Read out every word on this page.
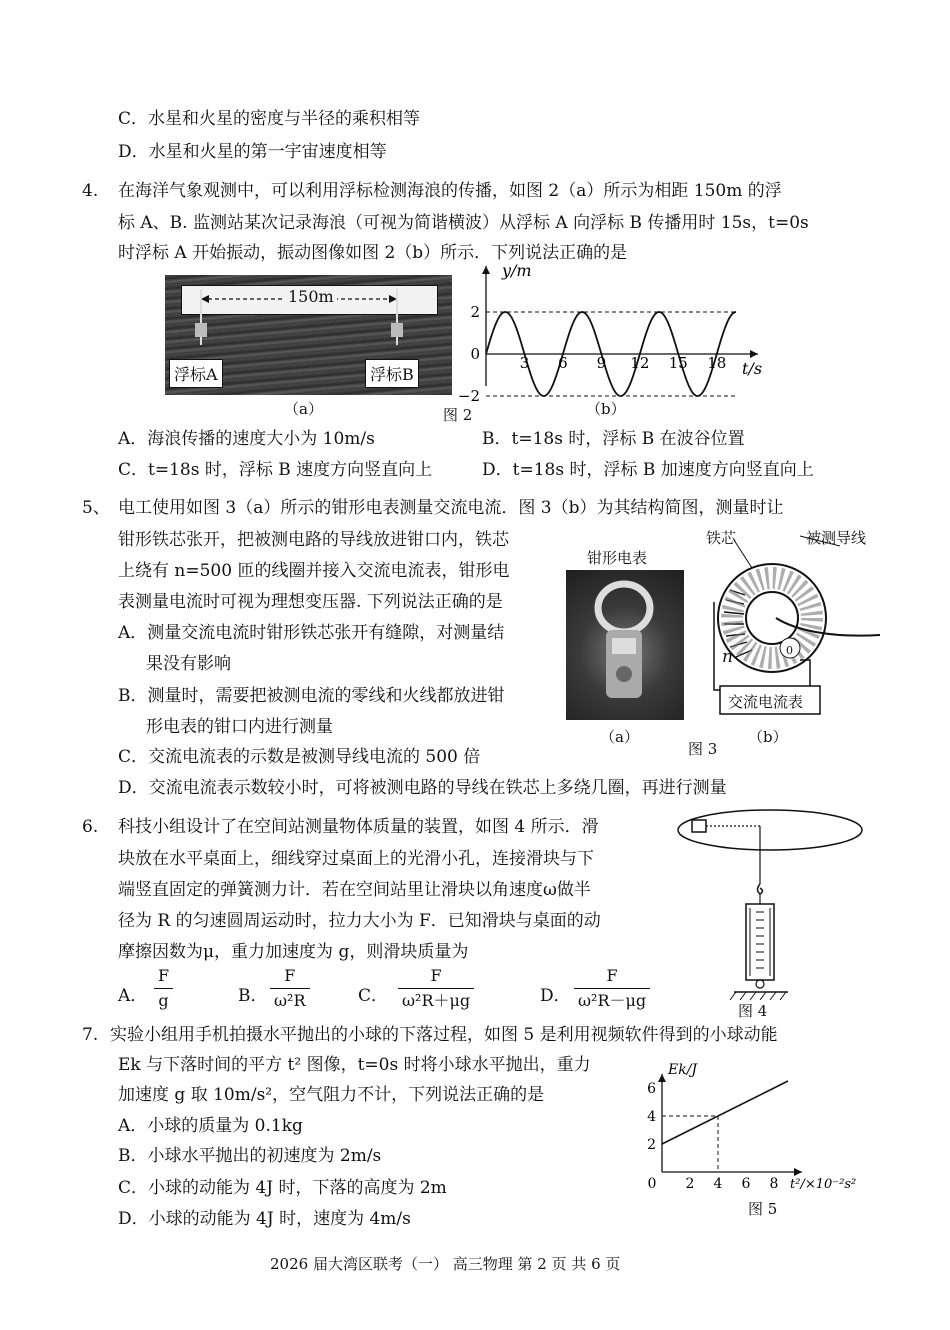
C．水星和火星的密度与半径的乘积相等
D．水星和火星的第一宇宙速度相等
4. 在海洋气象观测中，可以利用浮标检测海浪的传播，如图 2（a）所示为相距 150m 的浮
标 A、B. 监测站某次记录海浪（可视为简谐横波）从浮标 A 向浮标 B 传播用时 15s，t=0s
时浮标 A 开始振动，振动图像如图 2（b）所示．下列说法正确的是
150m
浮标A	浮标B
（a）	图 2	（b）
3 6 9 12 15 18
2
0
−2
y/m
t/s
A．海浪传播的速度大小为 10m/s	B．t=18s 时，浮标 B 在波谷位置
C．t=18s 时，浮标 B 速度方向竖直向上	D．t=18s 时，浮标 B 加速度方向竖直向上
5、 电工使用如图 3（a）所示的钳形电表测量交流电流．图 3（b）为其结构简图，测量时让
钳形铁芯张开，把被测电路的导线放进钳口内，铁芯
上绕有 n=500 匝的线圈并接入交流电流表，钳形电
表测量电流时可视为理想变压器. 下列说法正确的是
A．测量交流电流时钳形铁芯张开有缝隙，对测量结
果没有影响
B．测量时，需要把被测电流的零线和火线都放进钳
形电表的钳口内进行测量
C．交流电流表的示数是被测导线电流的 500 倍
D．交流电流表示数较小时，可将被测电路的导线在铁芯上多绕几圈，再进行测量
钳形电表
（a）
图 3
（b）
铁芯	被测导线
n	0
交流电流表
6. 科技小组设计了在空间站测量物体质量的装置，如图 4 所示．滑
块放在水平桌面上，细线穿过桌面上的光滑小孔，连接滑块与下
端竖直固定的弹簧测力计．若在空间站里让滑块以角速度ω做半
径为 R 的匀速圆周运动时，拉力大小为 F．已知滑块与桌面的动
摩擦因数为μ，重力加速度为 g，则滑块质量为
A．
F
g	B．
F
ω²R	C．
F
ω²R＋μg	D．
F
ω²R－μg
图 4
7. 实验小组用手机拍摄水平抛出的小球的下落过程，如图 5 是利用视频软件得到的小球动能
Ek 与下落时间的平方 t² 图像，t=0s 时将小球水平抛出，重力
加速度 g 取 10m/s²，空气阻力不计，下列说法正确的是
A．小球的质量为 0.1kg
B．小球水平抛出的初速度为 2m/s
C．小球的动能为 4J 时，下落的高度为 2m
D．小球的动能为 4J 时，速度为 4m/s
0 2 4 6 8
2
4
6
Ek/J
t²/×10⁻²s²
图 5
2026 届大湾区联考（一） 高三物理 第 2 页 共 6 页
